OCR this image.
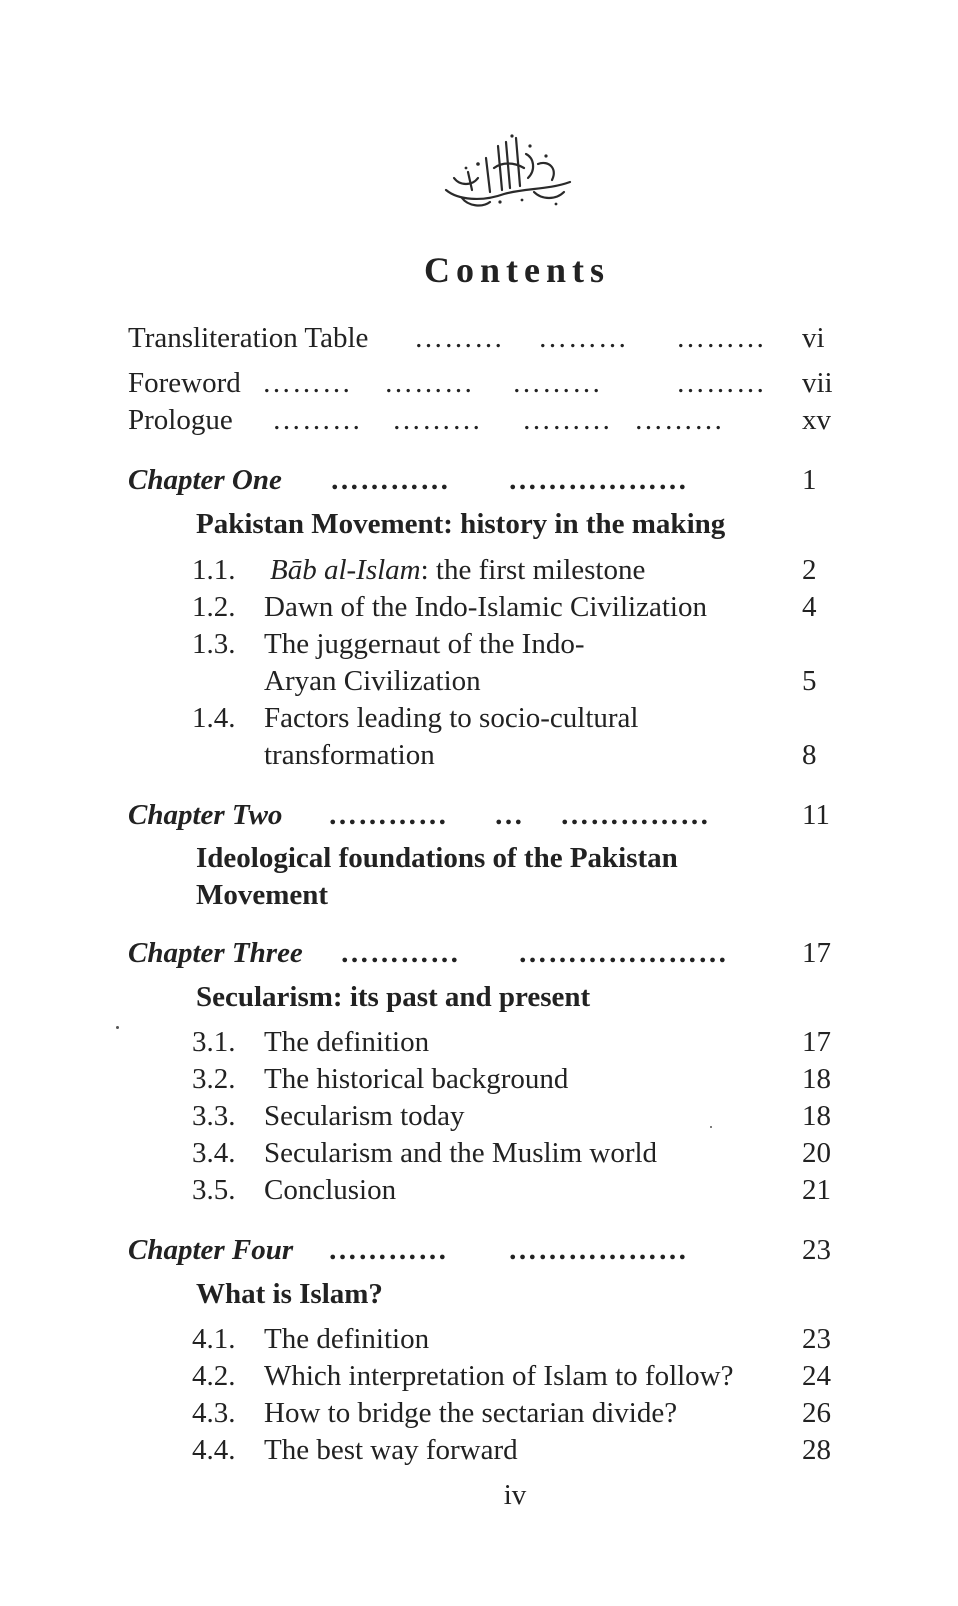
Contents
Transliteration Table ……… ……… ……… vi
Foreword ……… ……… ………	……… vii
Prologue ……… ……… ……… ………	xv
Chapter One ………… ………………	1
Pakistan Movement: history in the making
1.1. Bāb al-Islam: the first milestone	2
1.2. Dawn of the Indo-Islamic Civilization	4
1.3. The juggernaut of the Indo-
Aryan Civilization	5
1.4. Factors leading to socio-cultural
transformation	8
Chapter Two ………… … ……………	11
Ideological foundations of the Pakistan
Movement
Chapter Three ………… …………………	17
Secularism: its past and present
3.1. The definition	17
3.2. The historical background	18
3.3. Secularism today	18
3.4. Secularism and the Muslim world	20
3.5. Conclusion	21
Chapter Four ………… ………………	23
What is Islam?
4.1. The definition	23
4.2. Which interpretation of Islam to follow? 24
4.3. How to bridge the sectarian divide?	26
4.4. The best way forward	28
iv
